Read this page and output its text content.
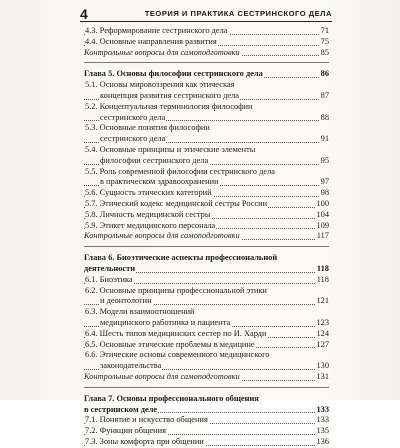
4	ТЕОРИЯ И ПРАКТИКА СЕСТРИНСКОГО ДЕЛА
4.3. Реформирование сестринского дела	71
4.4. Основные направления развития	75
Контрольные вопросы для самоподготовки	85
Глава 5. Основы философии сестринского дела	86
5.1. Основы мировоззрения как этическая
концепция развития сестринского дела	87
5.2. Концептуальная терминология философии
сестринского дела	88
5.3. Основные понятия философии
сестринского дела	91
5.4. Основные принципы и этические элементы
философии сестринского дела	95
5.5. Роль современной философии сестринского дела
в практическом здравоохранении	97
5.6. Сущность этических категорий	98
5.7. Этический кодекс медицинской сестры России	100
5.8. Личность медицинской сестры	104
5.9. Этикет медицинского персонала	109
Контрольные вопросы для самоподготовки	117
Глава 6. Биоэтические аспекты профессиональной
деятельности	118
6.1. Биоэтика	118
6.2. Основные принципы профессиональной этики
и деонтологии	121
6.3. Модели взаимоотношений
медицинского работника и пациента	123
6.4. Шесть типов медицинских сестер по И. Харди	124
6.5. Основные этические проблемы в медицине	127
6.6. Этические основы современного медицинского
законодательства	130
Контрольные вопросы для самоподготовки	131
Глава 7. Основы профессионального общения
в сестринском деле	133
7.1. Понятие и искусство общения	133
7.2. Функции общения	135
7.3. Зоны комфорта при общении	136
